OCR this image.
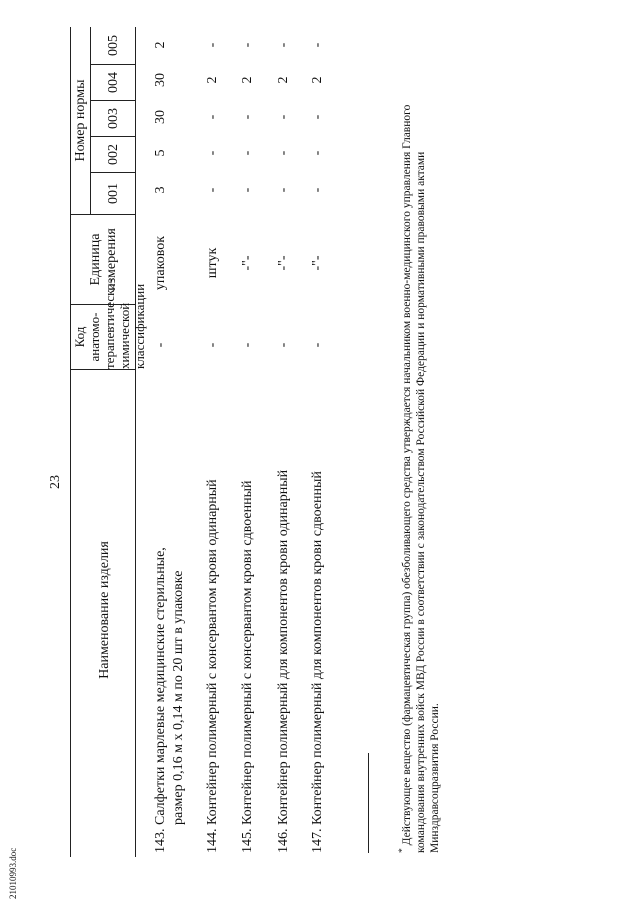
23
Наименование изделия
Код анатомо- терапевтическо- химической классификации
Единица измерения
Номер нормы
001
002
003
004
005
143.
Салфетки марлевые медицинские стерильные, размер 0,16 м х 0,14 м по 20 шт в упаковке
-
упаковок
3
5
30
30
2
144.
Контейнер полимерный с консервантом крови одинарный
-
штук
-
-
-
2
-
145.
Контейнер полимерный с консервантом крови сдвоенный
-
-"-
-
-
-
2
-
146.
Контейнер полимерный для компонентов крови одинарный
-
-"-
-
-
-
2
-
147.
Контейнер полимерный для компонентов крови сдвоенный
-
-"-
-
-
-
2
-
* Действующее вещество (фармацевтическая группа) обезболивающего средства утверждается начальником военно-медицинского управления Главного командования внутренних войск МВД России в соответствии с законодательством Российской Федерации и нормативными правовыми актами Минздравсоцразвития России.
21010993.doc
